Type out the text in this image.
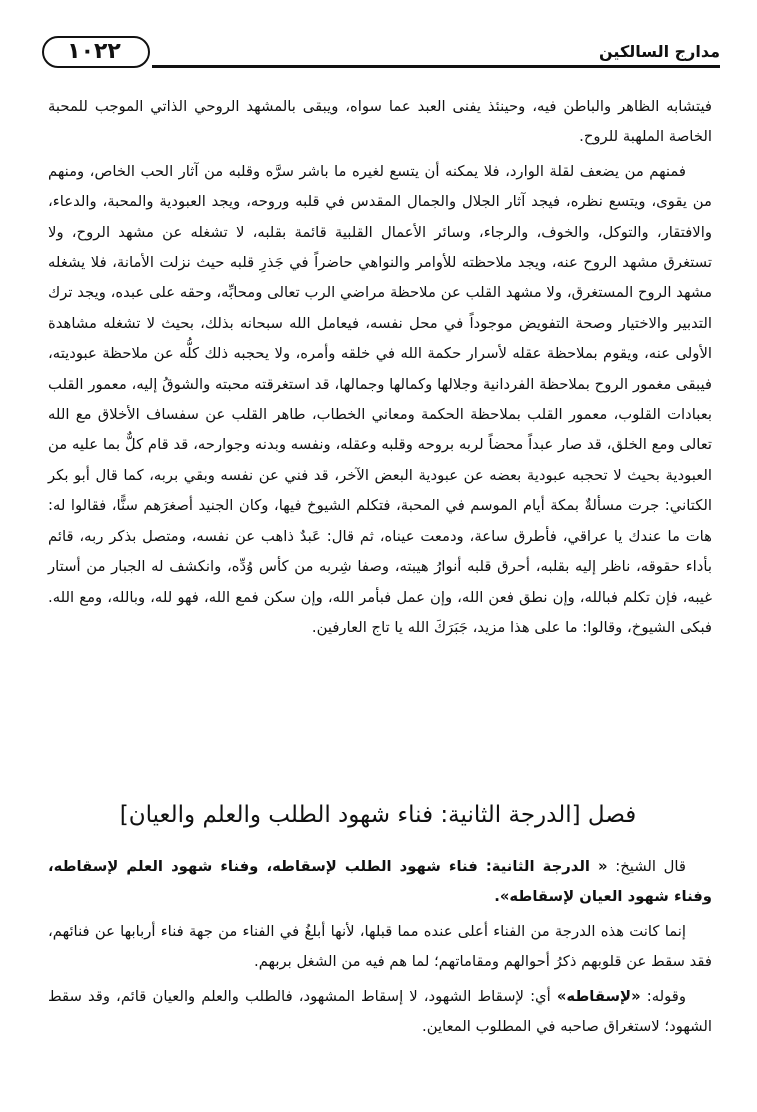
١٠٢٢	مدارج السالكين

فيتشابه الظاهر والباطن فيه، وحينئذ يفنى العبد عما سواه، ويبقى بالمشهد الروحي الذاتي الموجب للمحبة الخاصة الملهبة للروح.

فمنهم من يضعف لقلة الوارد، فلا يمكنه أن يتسع لغيره ما باشر سرَّه وقلبه من آثار الحب الخاص، ومنهم من يقوى، ويتسع نظره، فيجد آثار الجلال والجمال المقدس في قلبه وروحه، ويجد العبودية والمحبة، والدعاء، والافتقار، والتوكل، والخوف، والرجاء، وسائر الأعمال القلبية قائمة بقلبه، لا تشغله عن مشهد الروح، ولا تستغرق مشهد الروح عنه، ويجد ملاحظته للأوامر والنواهي حاضراً في جَذرِ قلبه حيث نزلت الأمانة، فلا يشغله مشهد الروح المستغرق، ولا مشهد القلب عن ملاحظة مراضي الرب تعالى ومحابِّه، وحقه على عبده، ويجد ترك التدبير والاختيار وصحة التفويض موجوداً في محل نفسه، فيعامل الله سبحانه بذلك، بحيث لا تشغله مشاهدة الأولى عنه، ويقوم بملاحظة عقله لأسرار حكمة الله في خلقه وأمره، ولا يحجبه ذلك كلُّه عن ملاحظة عبوديته، فيبقى مغمور الروح بملاحظة الفردانية وجلالها وكمالها وجمالها، قد استغرقته محبته والشوقُ إليه، معمور القلب بعبادات القلوب، معمور القلب بملاحظة الحكمة ومعاني الخطاب، طاهر القلب عن سفساف الأخلاق مع الله تعالى ومع الخلق، قد صار عبداً محضاً لربه بروحه وقلبه وعقله، ونفسه وبدنه وجوارحه، قد قام كلٌّ بما عليه من العبودية بحيث لا تحجبه عبودية بعضه عن عبودية البعض الآخر، قد فني عن نفسه وبقي بربه، كما قال أبو بكر الكتاني: جرت مسألةٌ بمكة أيام الموسم في المحبة، فتكلم الشيوخ فيها، وكان الجنيد أصغرَهم سنًّا، فقالوا له: هات ما عندك يا عراقي، فأطرق ساعة، ودمعت عيناه، ثم قال: عَبدٌ ذاهب عن نفسه، ومتصل بذكر ربه، قائم بأداء حقوقه، ناظر إليه بقلبه، أحرق قلبه أنوارُ هيبته، وصفا شِربه من كأس وُدِّه، وانكشف له الجبار من أستار غيبه، فإن تكلم فبالله، وإن نطق فعن الله، وإن عمل فبأمر الله، وإن سكن فمع الله، فهو لله، وبالله، ومع الله. فبكى الشيوخ، وقالوا: ما على هذا مزيد، جَبَرَكَ الله يا تاج العارفين.

فصل [الدرجة الثانية: فناء شهود الطلب والعلم والعيان]

قال الشيخ: « الدرجة الثانية: فناء شهود الطلب لإسقاطه، وفناء شهود العلم لإسقاطه، وفناء شهود العيان لإسقاطه».

إنما كانت هذه الدرجة من الفناء أعلى عنده مما قبلها، لأنها أبلغُ في الفناء من جهة فناء أربابها عن فنائهم، فقد سقط عن قلوبهم ذكرُ أحوالهم ومقاماتهم؛ لما هم فيه من الشغل بربهم.

وقوله: «لإسقاطه» أي: لإسقاط الشهود، لا إسقاط المشهود، فالطلب والعلم والعيان قائم، وقد سقط الشهود؛ لاستغراق صاحبه في المطلوب المعاين.
